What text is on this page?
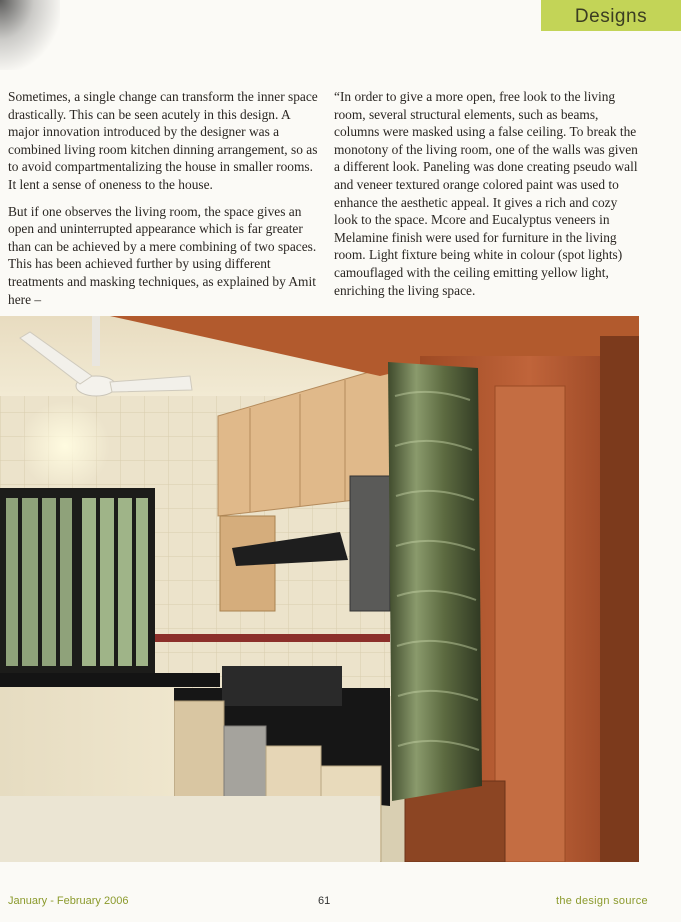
Designs

Sometimes, a single change can transform the inner space drastically. This can be seen acutely in this design. A major innovation introduced by the designer was a combined living room kitchen dinning arrangement, so as to avoid compartmentalizing the house in smaller rooms. It lent a sense of oneness to the house.

But if one observes the living room, the space gives an open and uninterrupted appearance which is far greater than can be achieved by a mere combining of two spaces. This has been achieved further by using different treatments and masking techniques, as explained by Amit here –

“In order to give a more open, free look to the living room, several structural elements, such as beams, columns were masked using a false ceiling. To break the monotony of the living room, one of the walls was given a different look. Paneling was done creating pseudo wall and veneer textured orange colored paint was used to enhance the aesthetic appeal. It gives a rich and cozy look to the space. Mcore and Eucalyptus veneers in Melamine finish were used for furniture in the living room. Light fixture being white in colour (spot lights) camouflaged with the ceiling emitting yellow light, enriching the living space.

January - February 2006	61	the design source
